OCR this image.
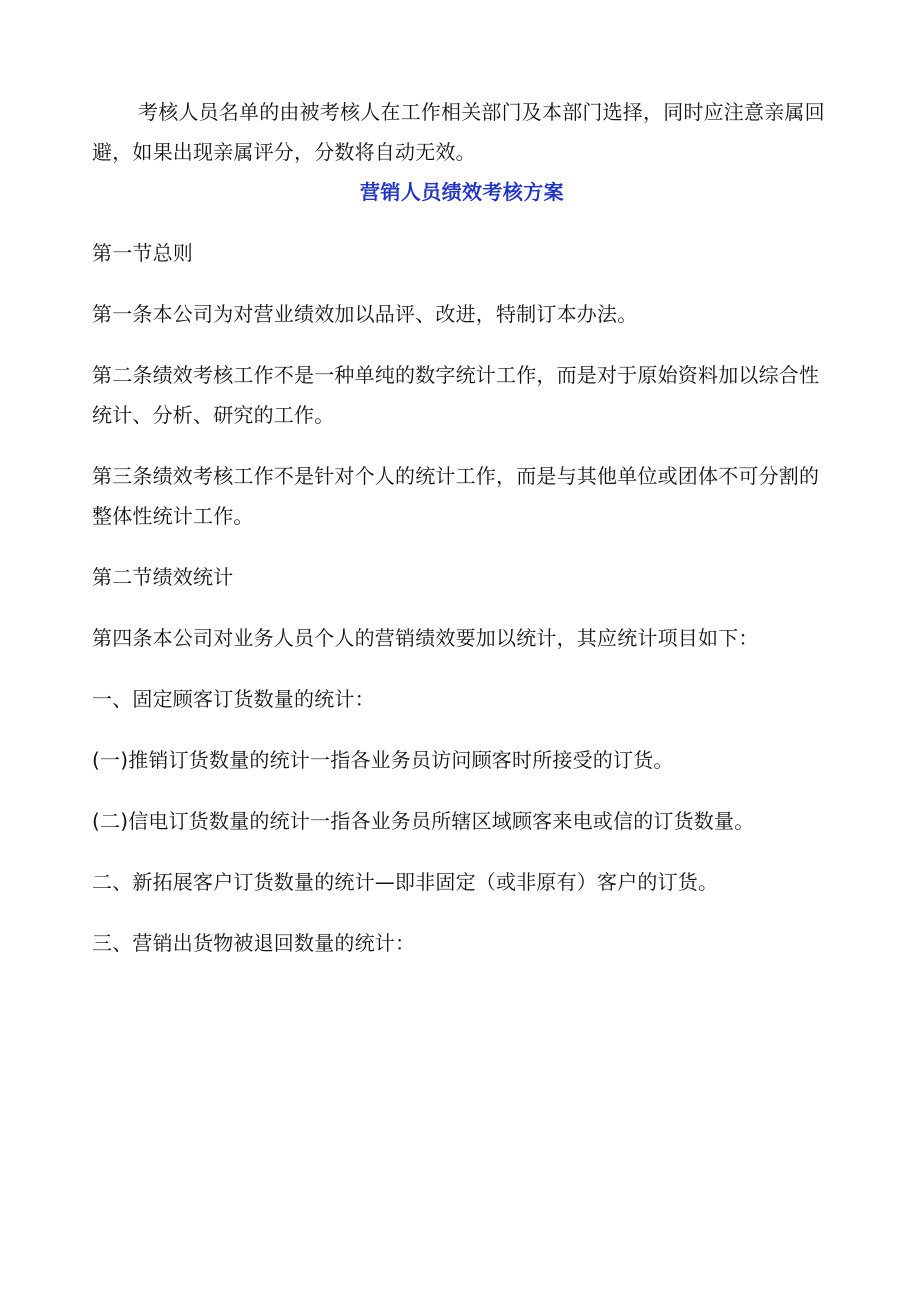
考核人员名单的由被考核人在工作相关部门及本部门选择，同时应注意亲属回避，如果出现亲属评分，分数将自动无效。

营销人员绩效考核方案

第一节总则

第一条本公司为对营业绩效加以品评、改进，特制订本办法。

第二条绩效考核工作不是一种单纯的数字统计工作，而是对于原始资料加以综合性统计、分析、研究的工作。

第三条绩效考核工作不是针对个人的统计工作，而是与其他单位或团体不可分割的整体性统计工作。

第二节绩效统计

第四条本公司对业务人员个人的营销绩效要加以统计，其应统计项目如下：

一、固定顾客订货数量的统计：

(一)推销订货数量的统计一指各业务员访问顾客时所接受的订货。

(二)信电订货数量的统计一指各业务员所辖区域顾客来电或信的订货数量。

二、新拓展客户订货数量的统计—即非固定（或非原有）客户的订货。

三、营销出货物被退回数量的统计：
